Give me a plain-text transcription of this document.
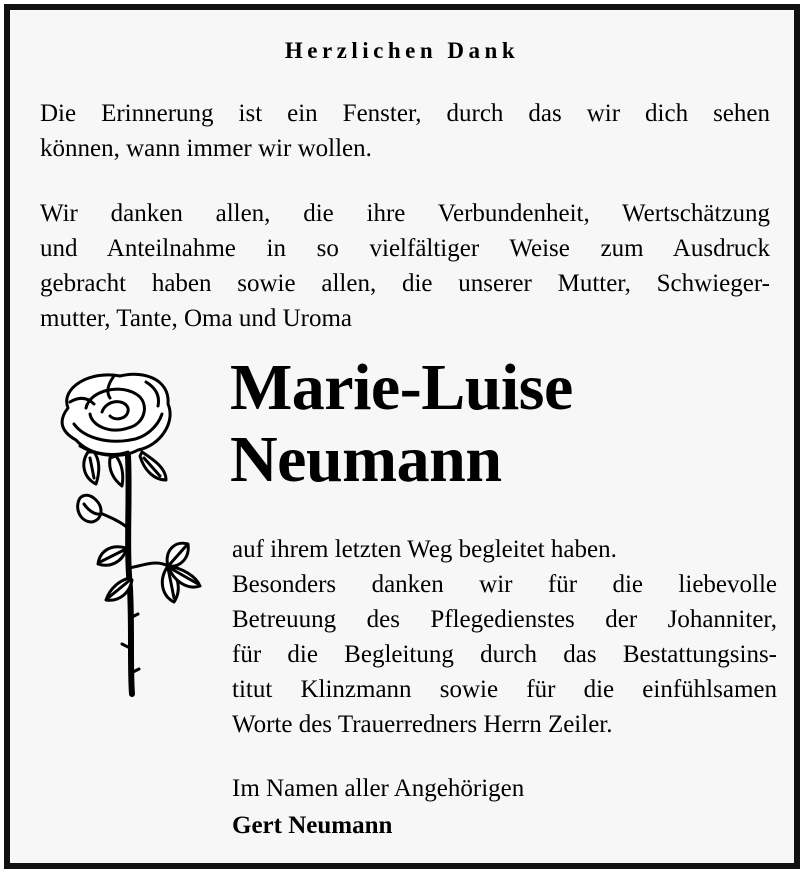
Herzlichen Dank
Die Erinnerung ist ein Fenster, durch das wir dich sehen
können, wann immer wir wollen.
Wir danken allen, die ihre Verbundenheit, Wertschätzung
und Anteilnahme in so vielfältiger Weise zum Ausdruck
gebracht haben sowie allen, die unserer Mutter, Schwieger-
mutter, Tante, Oma und Uroma
Marie-Luise
Neumann
auf ihrem letzten Weg begleitet haben.
Besonders danken wir für die liebevolle
Betreuung des Pflegedienstes der Johanniter,
für die Begleitung durch das Bestattungsins-
titut Klinzmann sowie für die einfühlsamen
Worte des Trauerredners Herrn Zeiler.
Im Namen aller Angehörigen
Gert Neumann
